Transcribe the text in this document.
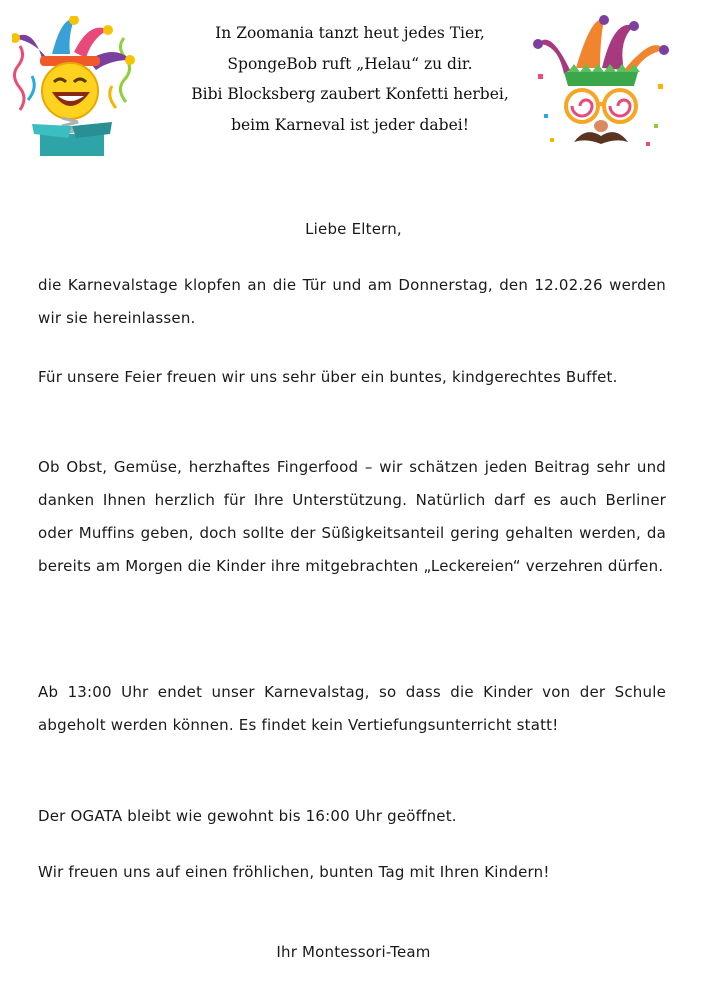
In Zoomania tanzt heut jedes Tier,
SpongeBob ruft „Helau“ zu dir.
Bibi Blocksberg zaubert Konfetti herbei,
beim Karneval ist jeder dabei!
Liebe Eltern,

die Karnevalstage klopfen an die Tür und am Donnerstag, den 12.02.26 werden wir sie hereinlassen.

Für unsere Feier freuen wir uns sehr über ein buntes, kindgerechtes Buffet.

Ob Obst, Gemüse, herzhaftes Fingerfood – wir schätzen jeden Beitrag sehr und danken Ihnen herzlich für Ihre Unterstützung. Natürlich darf es auch Berliner oder Muffins geben, doch sollte der Süßigkeitsanteil gering gehalten werden, da bereits am Morgen die Kinder ihre mitgebrachten „Leckereien“ verzehren dürfen.

Ab 13:00 Uhr endet unser Karnevalstag, so dass die Kinder von der Schule abgeholt werden können. Es findet kein Vertiefungsunterricht statt!

Der OGATA bleibt wie gewohnt bis 16:00 Uhr geöffnet.

Wir freuen uns auf einen fröhlichen, bunten Tag mit Ihren Kindern!

Ihr Montessori-Team
